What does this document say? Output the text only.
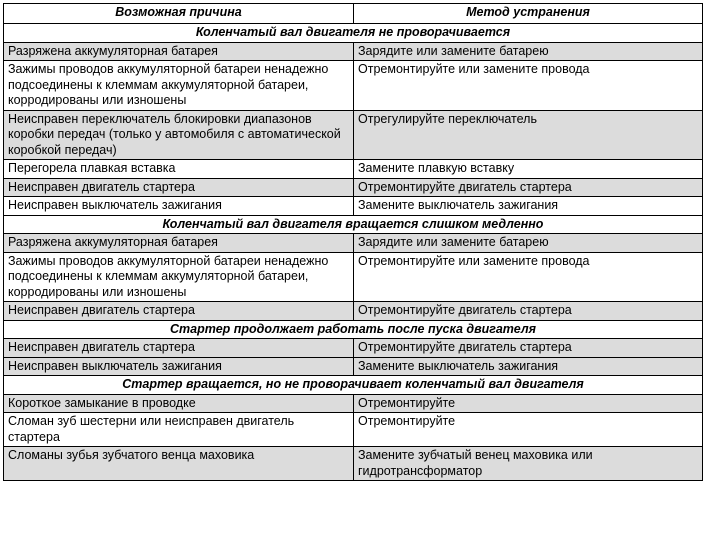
Возможная причина	Метод устранения
Коленчатый вал двигателя не проворачивается	
Разряжена аккумуляторная батарея	Зарядите или замените батарею
Зажимы проводов аккумуляторной батареи ненадежно подсоединены к клеммам аккумуляторной батареи, корродированы или изношены	Отремонтируйте или замените провода
Неисправен переключатель блокировки диапазонов коробки передач (только у автомобиля с автоматической коробкой передач)	Отрегулируйте переключатель
Перегорела плавкая вставка	Замените плавкую вставку
Неисправен двигатель стартера	Отремонтируйте двигатель стартера
Неисправен выключатель зажигания	Замените выключатель зажигания
Коленчатый вал двигателя вращается слишком медленно	
Разряжена аккумуляторная батарея	Зарядите или замените батарею
Зажимы проводов аккумуляторной батареи ненадежно подсоединены к клеммам аккумуляторной батареи, корродированы или изношены	Отремонтируйте или замените провода
Неисправен двигатель стартера	Отремонтируйте двигатель стартера
Стартер продолжает работать после пуска двигателя	
Неисправен двигатель стартера	Отремонтируйте двигатель стартера
Неисправен выключатель зажигания	Замените выключатель зажигания
Стартер вращается, но не проворачивает коленчатый вал двигателя	
Короткое замыкание в проводке	Отремонтируйте
Сломан зуб шестерни или неисправен двигатель стартера	Отремонтируйте
Сломаны зубья зубчатого венца маховика	Замените зубчатый венец маховика или гидротрансформатор
